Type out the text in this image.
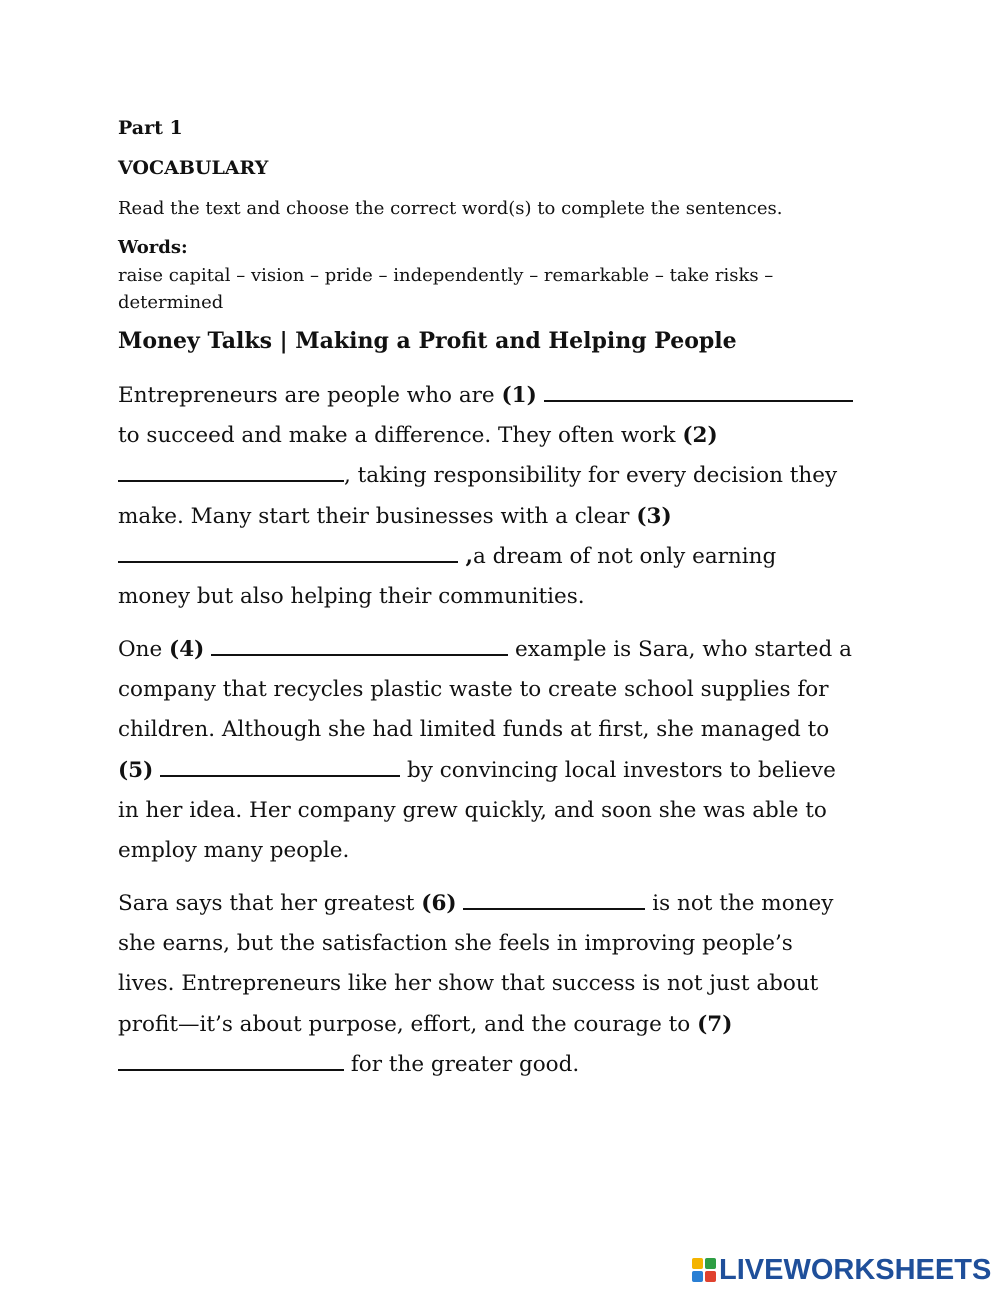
Part 1
VOCABULARY
Read the text and choose the correct word(s) to complete the sentences.
Words:
raise capital – vision – pride – independently – remarkable – take risks – determined
Money Talks | Making a Profit and Helping People
Entrepreneurs are people who are (1)
to succeed and make a difference. They often work (2)
, taking responsibility for every decision they
make. Many start their businesses with a clear (3)
,a dream of not only earning
money but also helping their communities.
One (4)	example is Sara, who started a
company that recycles plastic waste to create school supplies for
children. Although she had limited funds at first, she managed to
(5)	by convincing local investors to believe
in her idea. Her company grew quickly, and soon she was able to
employ many people.
Sara says that her greatest (6)	is not the money
she earns, but the satisfaction she feels in improving people’s
lives. Entrepreneurs like her show that success is not just about
profit—it’s about purpose, effort, and the courage to (7)
for the greater good.
LIVEWORKSHEETS
